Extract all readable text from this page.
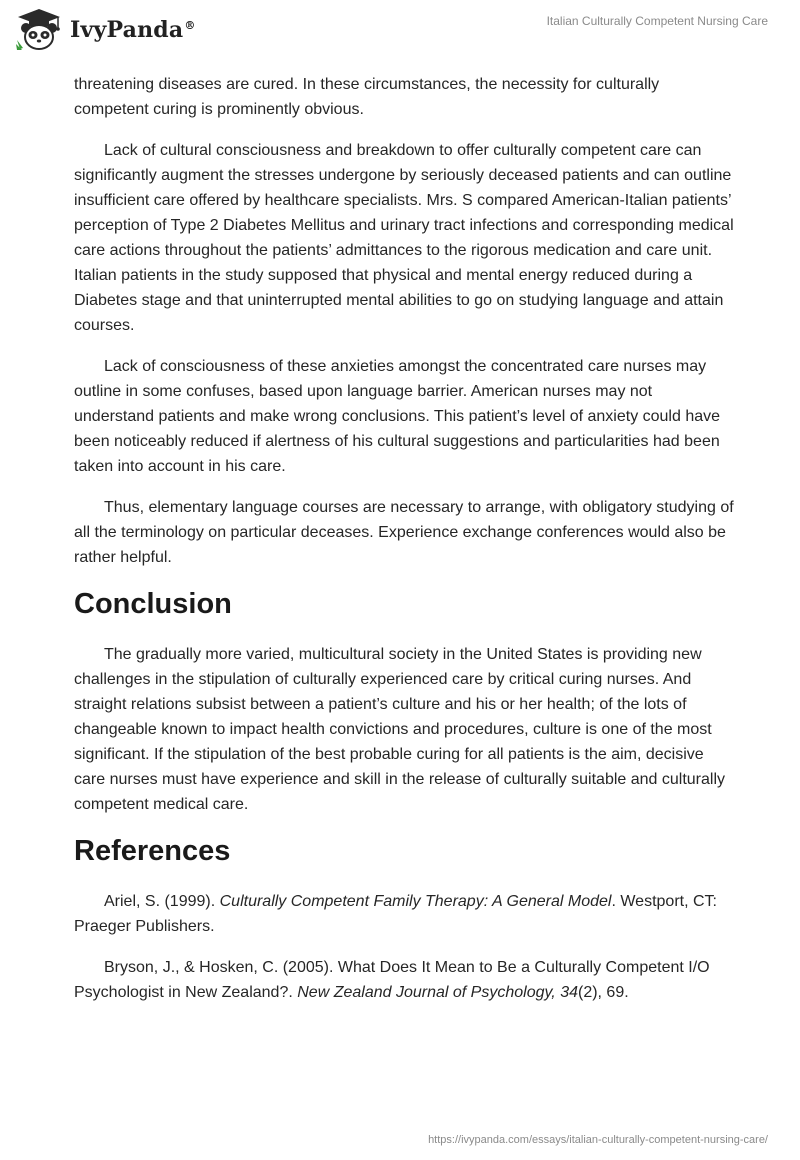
IvyPanda®	Italian Culturally Competent Nursing Care

threatening diseases are cured. In these circumstances, the necessity for culturally competent curing is prominently obvious.

Lack of cultural consciousness and breakdown to offer culturally competent care can significantly augment the stresses undergone by seriously deceased patients and can outline insufficient care offered by healthcare specialists. Mrs. S compared American-Italian patients’ perception of Type 2 Diabetes Mellitus and urinary tract infections and corresponding medical care actions throughout the patients’ admittances to the rigorous medication and care unit. Italian patients in the study supposed that physical and mental energy reduced during a Diabetes stage and that uninterrupted mental abilities to go on studying language and attain courses.

Lack of consciousness of these anxieties amongst the concentrated care nurses may outline in some confuses, based upon language barrier. American nurses may not understand patients and make wrong conclusions. This patient’s level of anxiety could have been noticeably reduced if alertness of his cultural suggestions and particularities had been taken into account in his care.

Thus, elementary language courses are necessary to arrange, with obligatory studying of all the terminology on particular deceases. Experience exchange conferences would also be rather helpful.

Conclusion

The gradually more varied, multicultural society in the United States is providing new challenges in the stipulation of culturally experienced care by critical curing nurses. And straight relations subsist between a patient’s culture and his or her health; of the lots of changeable known to impact health convictions and procedures, culture is one of the most significant. If the stipulation of the best probable curing for all patients is the aim, decisive care nurses must have experience and skill in the release of culturally suitable and culturally competent medical care.

References

Ariel, S. (1999). Culturally Competent Family Therapy: A General Model. Westport, CT: Praeger Publishers.

Bryson, J., & Hosken, C. (2005). What Does It Mean to Be a Culturally Competent I/O Psychologist in New Zealand?. New Zealand Journal of Psychology, 34(2), 69.

https://ivypanda.com/essays/italian-culturally-competent-nursing-care/
